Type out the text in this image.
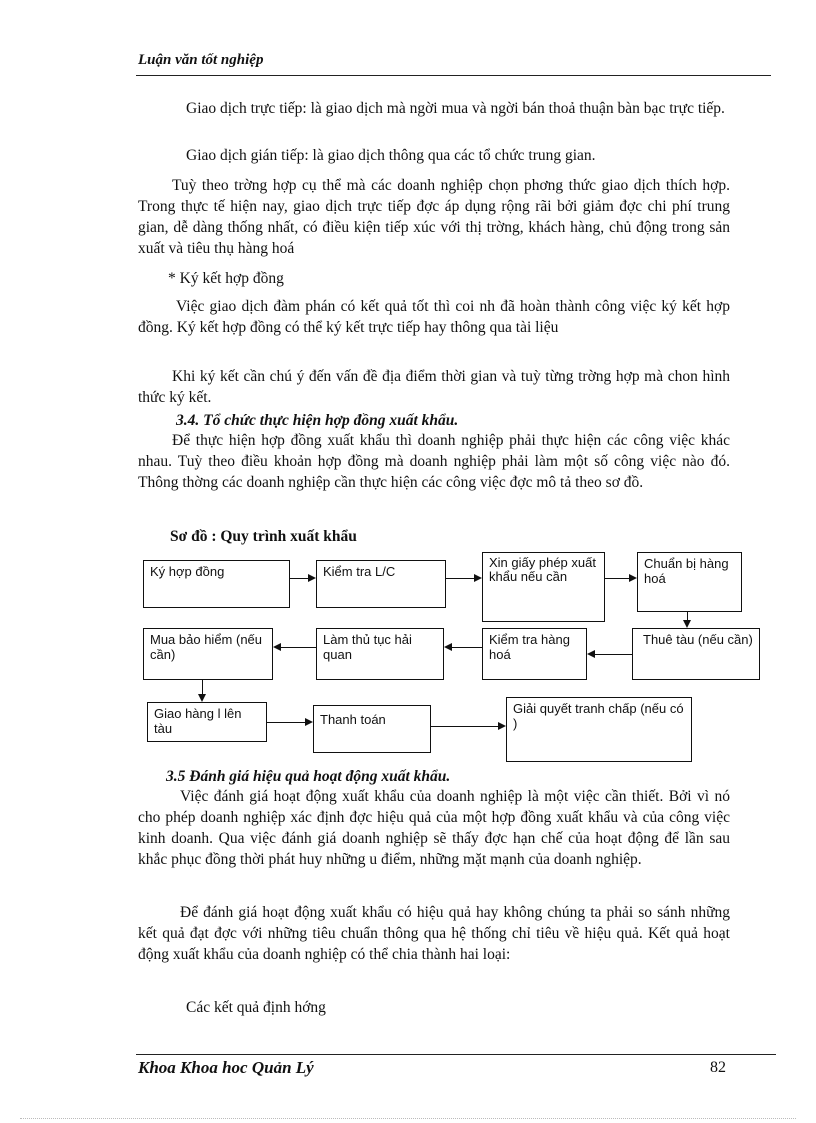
Luận văn tốt nghiệp
Giao dịch trực tiếp: là giao dịch mà ngời mua và ngời bán thoả thuận bàn bạc trực tiếp.
Giao dịch gián tiếp: là giao dịch thông qua các tổ chức trung gian.
Tuỳ theo trờng hợp cụ thể mà các doanh nghiệp chọn phơng thức giao dịch thích hợp. Trong thực tế hiện nay, giao dịch trực tiếp đợc áp dụng rộng rãi bởi giảm đợc chi phí trung gian, dễ dàng thống nhất, có điều kiện tiếp xúc với thị trờng, khách hàng, chủ động trong sản xuất và tiêu thụ hàng hoá
* Ký kết hợp đồng
Việc giao dịch đàm phán có kết quả tốt thì coi nh đã hoàn thành công việc ký kết hợp đồng. Ký kết hợp đồng có thể ký kết trực tiếp hay thông qua tài liệu
Khi ký kết cần chú ý đến vấn đề địa điểm thời gian và tuỳ từng trờng hợp mà chon hình thức ký kết.
3.4. Tổ chức thực hiện hợp đồng xuất khẩu.
Để thực hiện hợp đồng xuất khẩu thì doanh nghiệp phải thực hiện các công việc khác nhau. Tuỳ theo điều khoản hợp đồng mà doanh nghiệp phải làm một số công việc nào đó. Thông thờng các doanh nghiệp cần thực hiện các công việc đợc mô tả theo sơ đồ.
Sơ đồ : Quy trình xuất khẩu
Ký hợp đồng	Kiểm tra L/C
Xin giấy phép xuất khẩu nếu cần
Chuẩn bị hàng hoá
Thuê tàu (nếu cần)
Kiểm tra hàng hoá
Làm thủ tục hải quan
Mua bảo hiểm (nếu cần)
Giao hàng l lên tàu
Thanh toán
Giải quyết tranh chấp (nếu có )
3.5 Đánh giá hiệu quả hoạt động xuất khẩu.
Việc đánh giá hoạt động xuất khẩu của doanh nghiệp là một việc cần thiết. Bởi vì nó cho phép doanh nghiệp xác định đợc hiệu quả của một hợp đồng xuất khẩu và của công việc kinh doanh. Qua việc đánh giá doanh nghiệp sẽ thấy đợc hạn chế của hoạt động để lần sau khắc phục đồng thời phát huy những u điểm, những mặt mạnh của doanh nghiệp.
Để đánh giá hoạt động xuất khẩu có hiệu quả hay không chúng ta phải so sánh những kết quả đạt đợc với những tiêu chuẩn thông qua hệ thống chỉ tiêu về hiệu quả. Kết quả hoạt động xuất khẩu của doanh nghiệp có thể chia thành hai loại:
Các kết quả định hớng
Khoa Khoa hoc Quản Lý	82
